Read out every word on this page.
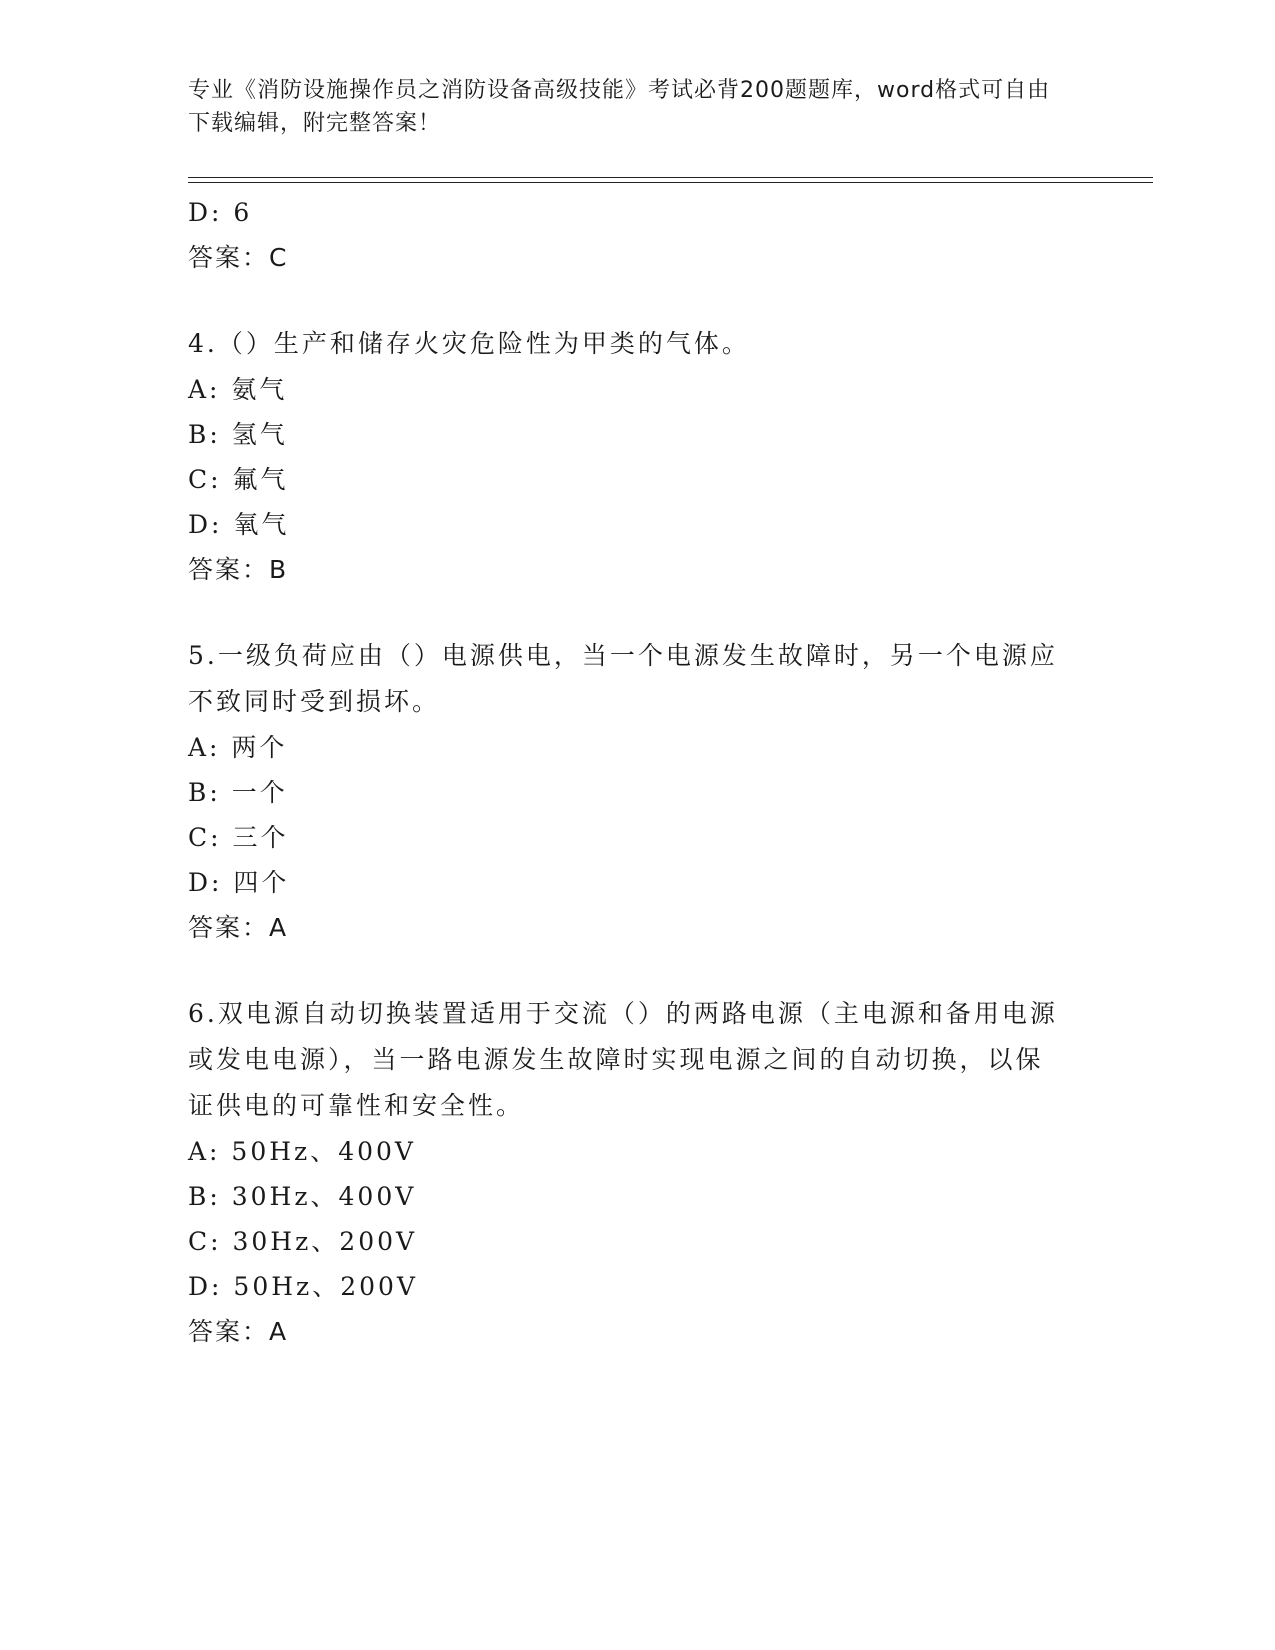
专业《消防设施操作员之消防设备高级技能》考试必背200题题库，word格式可自由下载编辑，附完整答案！
D: 6
答案：C
4.（）生产和储存火灾危险性为甲类的气体。
A: 氨气
B: 氢气
C: 氟气
D: 氧气
答案：B
5.一级负荷应由（）电源供电，当一个电源发生故障时，另一个电源应不致同时受到损坏。
A: 两个
B: 一个
C: 三个
D: 四个
答案：A
6.双电源自动切换装置适用于交流（）的两路电源（主电源和备用电源或发电电源），当一路电源发生故障时实现电源之间的自动切换，以保证供电的可靠性和安全性。
A: 50Hz、400V
B: 30Hz、400V
C: 30Hz、200V
D: 50Hz、200V
答案：A
